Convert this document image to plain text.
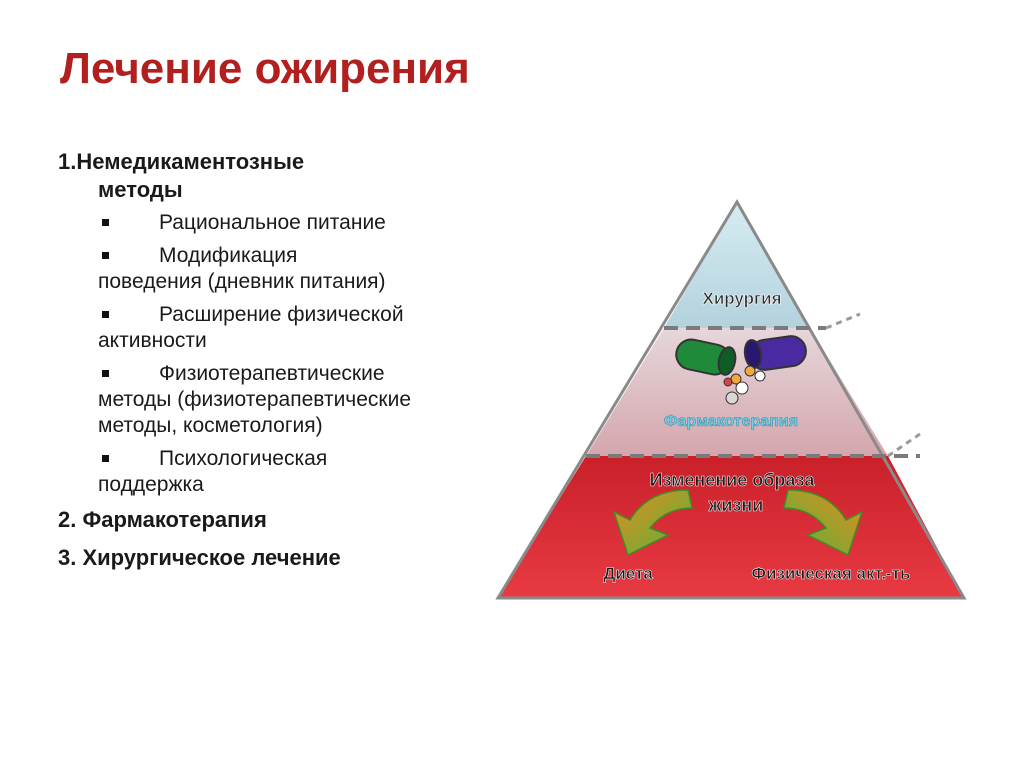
Лечение ожирения
1.Немедикаментозные
методы
Рациональное питание
Модификация
поведения (дневник питания)
Расширение физической
активности
Физиотерапевтические
методы (физиотерапевтические методы, косметология)
Психологическая
поддержка
2. Фармакотерапия
3. Хирургическое лечение
Хирургия
Фармакотерапия
Изменение образа
жизни
Диета	Физическая акт.-ть
